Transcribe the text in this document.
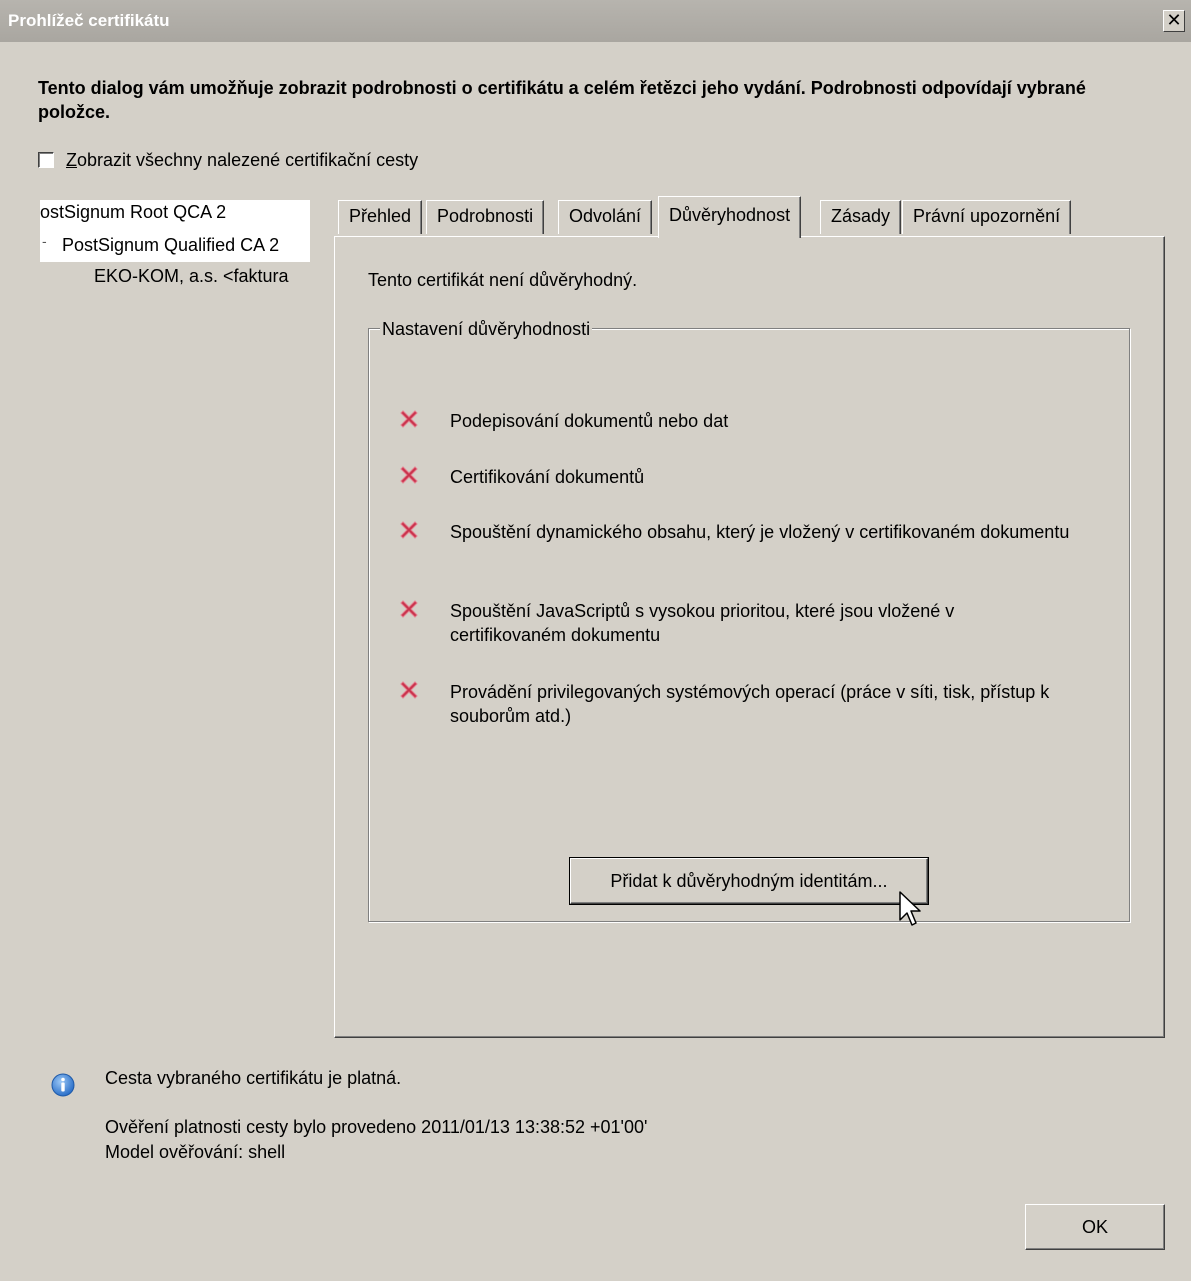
Prohlížeč certifikátu	✕
Tento dialog vám umožňuje zobrazit podrobnosti o certifikátu a celém řetězci jeho vydání. Podrobnosti odpovídají vybrané položce.
Zobrazit všechny nalezené certifikační cesty
ostSignum Root QCA 2
- PostSignum Qualified CA 2
EKO-KOM, a.s. <faktura
Přehled	Podrobnosti	Odvolání	Důvěryhodnost	Zásady	Právní upozornění
Tento certifikát není důvěryhodný.
Nastavení důvěryhodnosti
Podepisování dokumentů nebo dat
Certifikování dokumentů
Spouštění dynamického obsahu, který je vložený v certifikovaném dokumentu
Spouštění JavaScriptů s vysokou prioritou, které jsou vložené v certifikovaném dokumentu
Provádění privilegovaných systémových operací (práce v síti, tisk, přístup k souborům atd.)
Přidat k důvěryhodným identitám...
Cesta vybraného certifikátu je platná.
Ověření platnosti cesty bylo provedeno 2011/01/13 13:38:52 +01'00'
Model ověřování: shell
OK
